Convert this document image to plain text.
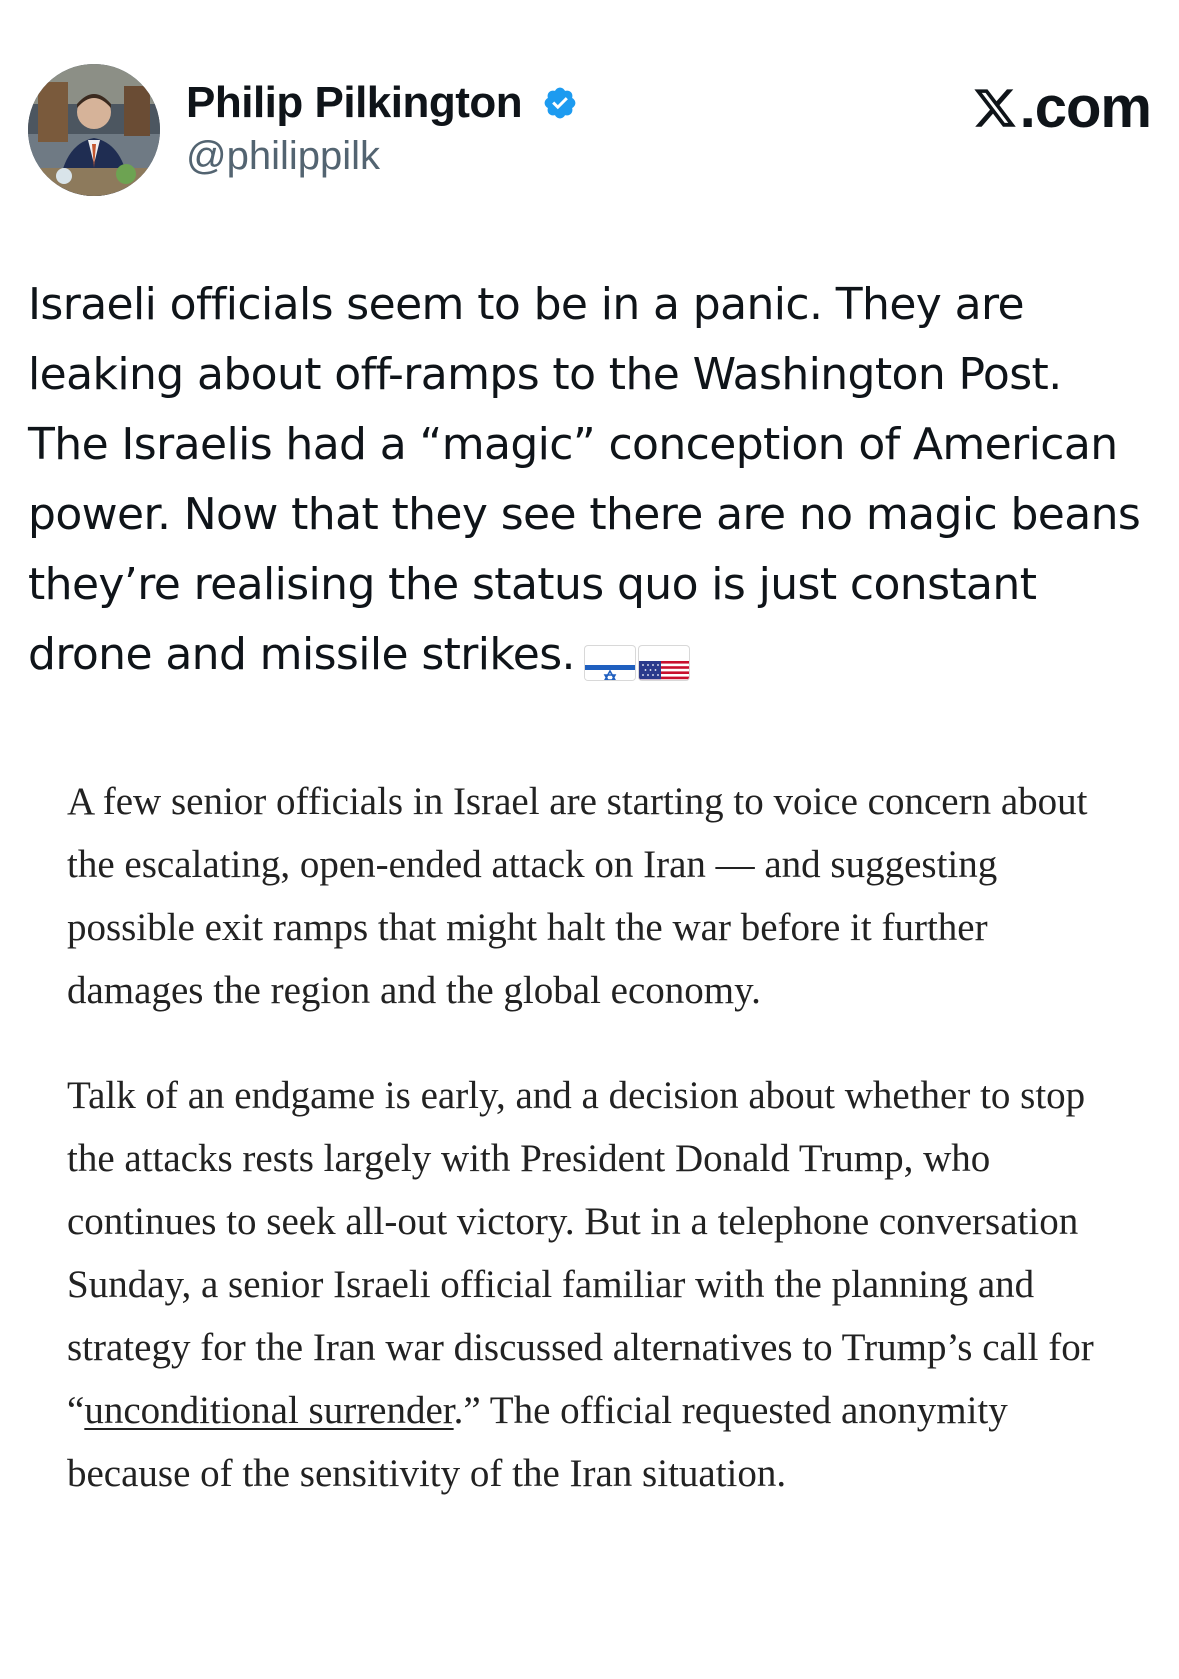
Philip Pilkington
@philippilk
.com
Israeli officials seem to be in a panic. They are leaking about off-ramps to the Washington Post. The Israelis had a “magic” conception of American power. Now that they see there are no magic beans they’re realising the status quo is just constant drone and missile strikes.

A few senior officials in Israel are starting to voice concern about the escalating, open-ended attack on Iran — and suggesting possible exit ramps that might halt the war before it further damages the region and the global economy.

Talk of an endgame is early, and a decision about whether to stop the attacks rests largely with President Donald Trump, who continues to seek all-out victory. But in a telephone conversation Sunday, a senior Israeli official familiar with the planning and strategy for the Iran war discussed alternatives to Trump’s call for “unconditional surrender.” The official requested anonymity because of the sensitivity of the Iran situation.
